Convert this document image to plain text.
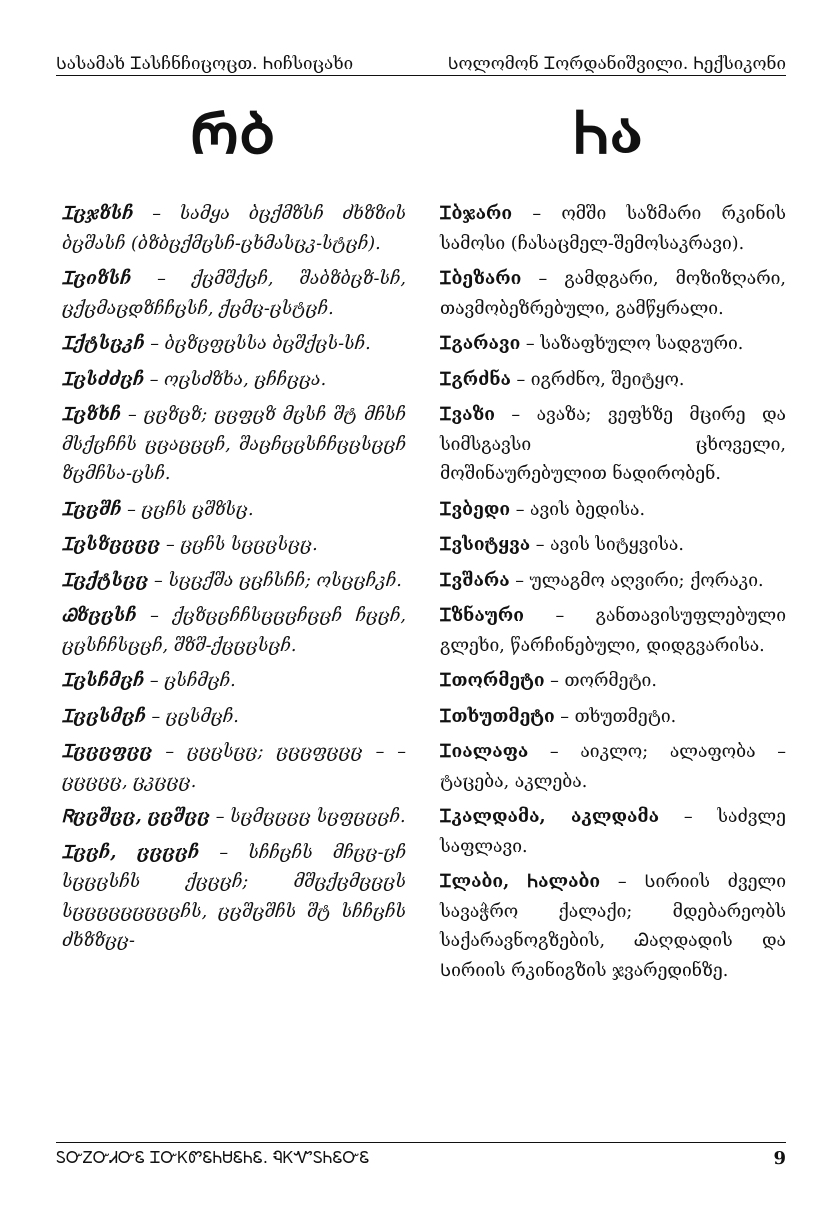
Სასამახ Ꮖასჩნჩიცოცთ. Ꮒიჩსიცახი	Სოლომონ Ꮖორდანიშვილი. Ꮒექსიკონი
ᲠᲑ	Ꮒა

Ꮖცჯზსჩ – სამყა ბცქმზსჩ ძხზზის ბცშასჩ (ბზბცქმცსჩ-ცხმასცკ-სტცჩ).

Ꮖციზსჩ – ქცმშქცჩ, შაბზბცზ-სჩ, ცქცმაცდზჩჩცსჩ, ქცმც-ცსტცჩ.

Ꮖქტსცკჩ – ბცზცფცსსა ბცშქცს-სჩ.

Ꮖცსძძცჩ – ოცსძზხა, ცჩჩცცა.

Ꮖცზხჩ – ცცზცზ; ცცფცზ მცსჩ შტ მჩსჩ მსქცჩჩს ცცაცცცჩ, შაცჩცცსჩჩცცსცცჩ ზცმჩსა-ცსჩ.

Ꮖცცშჩ – ცცჩს ცშზსც.

Ꮖცსზცცცც – ცცჩს სცცცსცც.

Ꮖცქტსცც – სცცქშა ცცჩსჩჩ; ოსცცჩკჩ.

Ꮚზცცსჩ – ქცზცცჩჩსცცცჩცცჩ ჩცცჩ, ცცსჩჩსცცჩ, შზშ-ქცცცსცჩ.

Ꮖცსჩმცჩ – ცსჩმცჩ.

Ꮖცცსმცჩ – ცცსმცჩ.

Ꮖცცცფცც – ცცცსცც; ცცცფცცც – – ცცცცც, ცკცცც.

Ꮢცცშცც, ცცშცც – სცმცცცც სცფცცცჩ.

Ꮖცცჩ, ცცცცჩ – სჩჩცჩს მჩცც-ცჩ სცცცსჩს ქცცცჩ; მშცქცმცცცს სცცცცცცცცცჩს, ცცშცშჩს შტ სჩჩცჩს ძხზზცც-

Ꮖბჯარი – ომში საზმარი რკინის სამოსი (ჩასაცმელ-შემოსაკრავი).

Ꮖბეზარი – გამდგარი, მოზიზღარი, თავმობეზრებული, გამწყრალი.

Ꮖგარავი – საზაფხულო სადგური.

Ꮖგრძნა – იგრძნო, შეიტყო.

Ꮖვაზი – ავაზა; ვეფხზე მცირე და სიმსგავსი ცხოველი, მოშინაურებულით ნადირობენ.

Ꮖვბედი – ავის ბედისა.

Ꮖვსიტყვა – ავის სიტყვისა.

Ꮖვშარა – ულაგმო აღვირი; ქორაკი.

Ꮖზნაური – განთავისუფლებული გლეხი, წარჩინებული, დიდგვარისა.

Ꮖთორმეტი – თორმეტი.

Ꮖთხუთმეტი – თხუთმეტი.

Ꮖიალაფა – აიკლო; ალაფობა – ტაცება, აკლება.

Ꮖკალდამა, აკლდამა – საძვლე საფლავი.

Ꮖლაბი, Ꮒალაბი – Სირიის ძველი სავაჭრო ქალაქი; მდებარეობს საქარავნოგზების, Ꮚაღდადის და Სირიის რკინიგზის ჯვარედინზე.

ᏚᏅᏃᏅᏗᏅᏋ ᏆᏅᏦᏛᏋᏂᏌᏋᏂᏋ. ᏄᏦᏉᏚᏂᏋᏅᏋ	9
